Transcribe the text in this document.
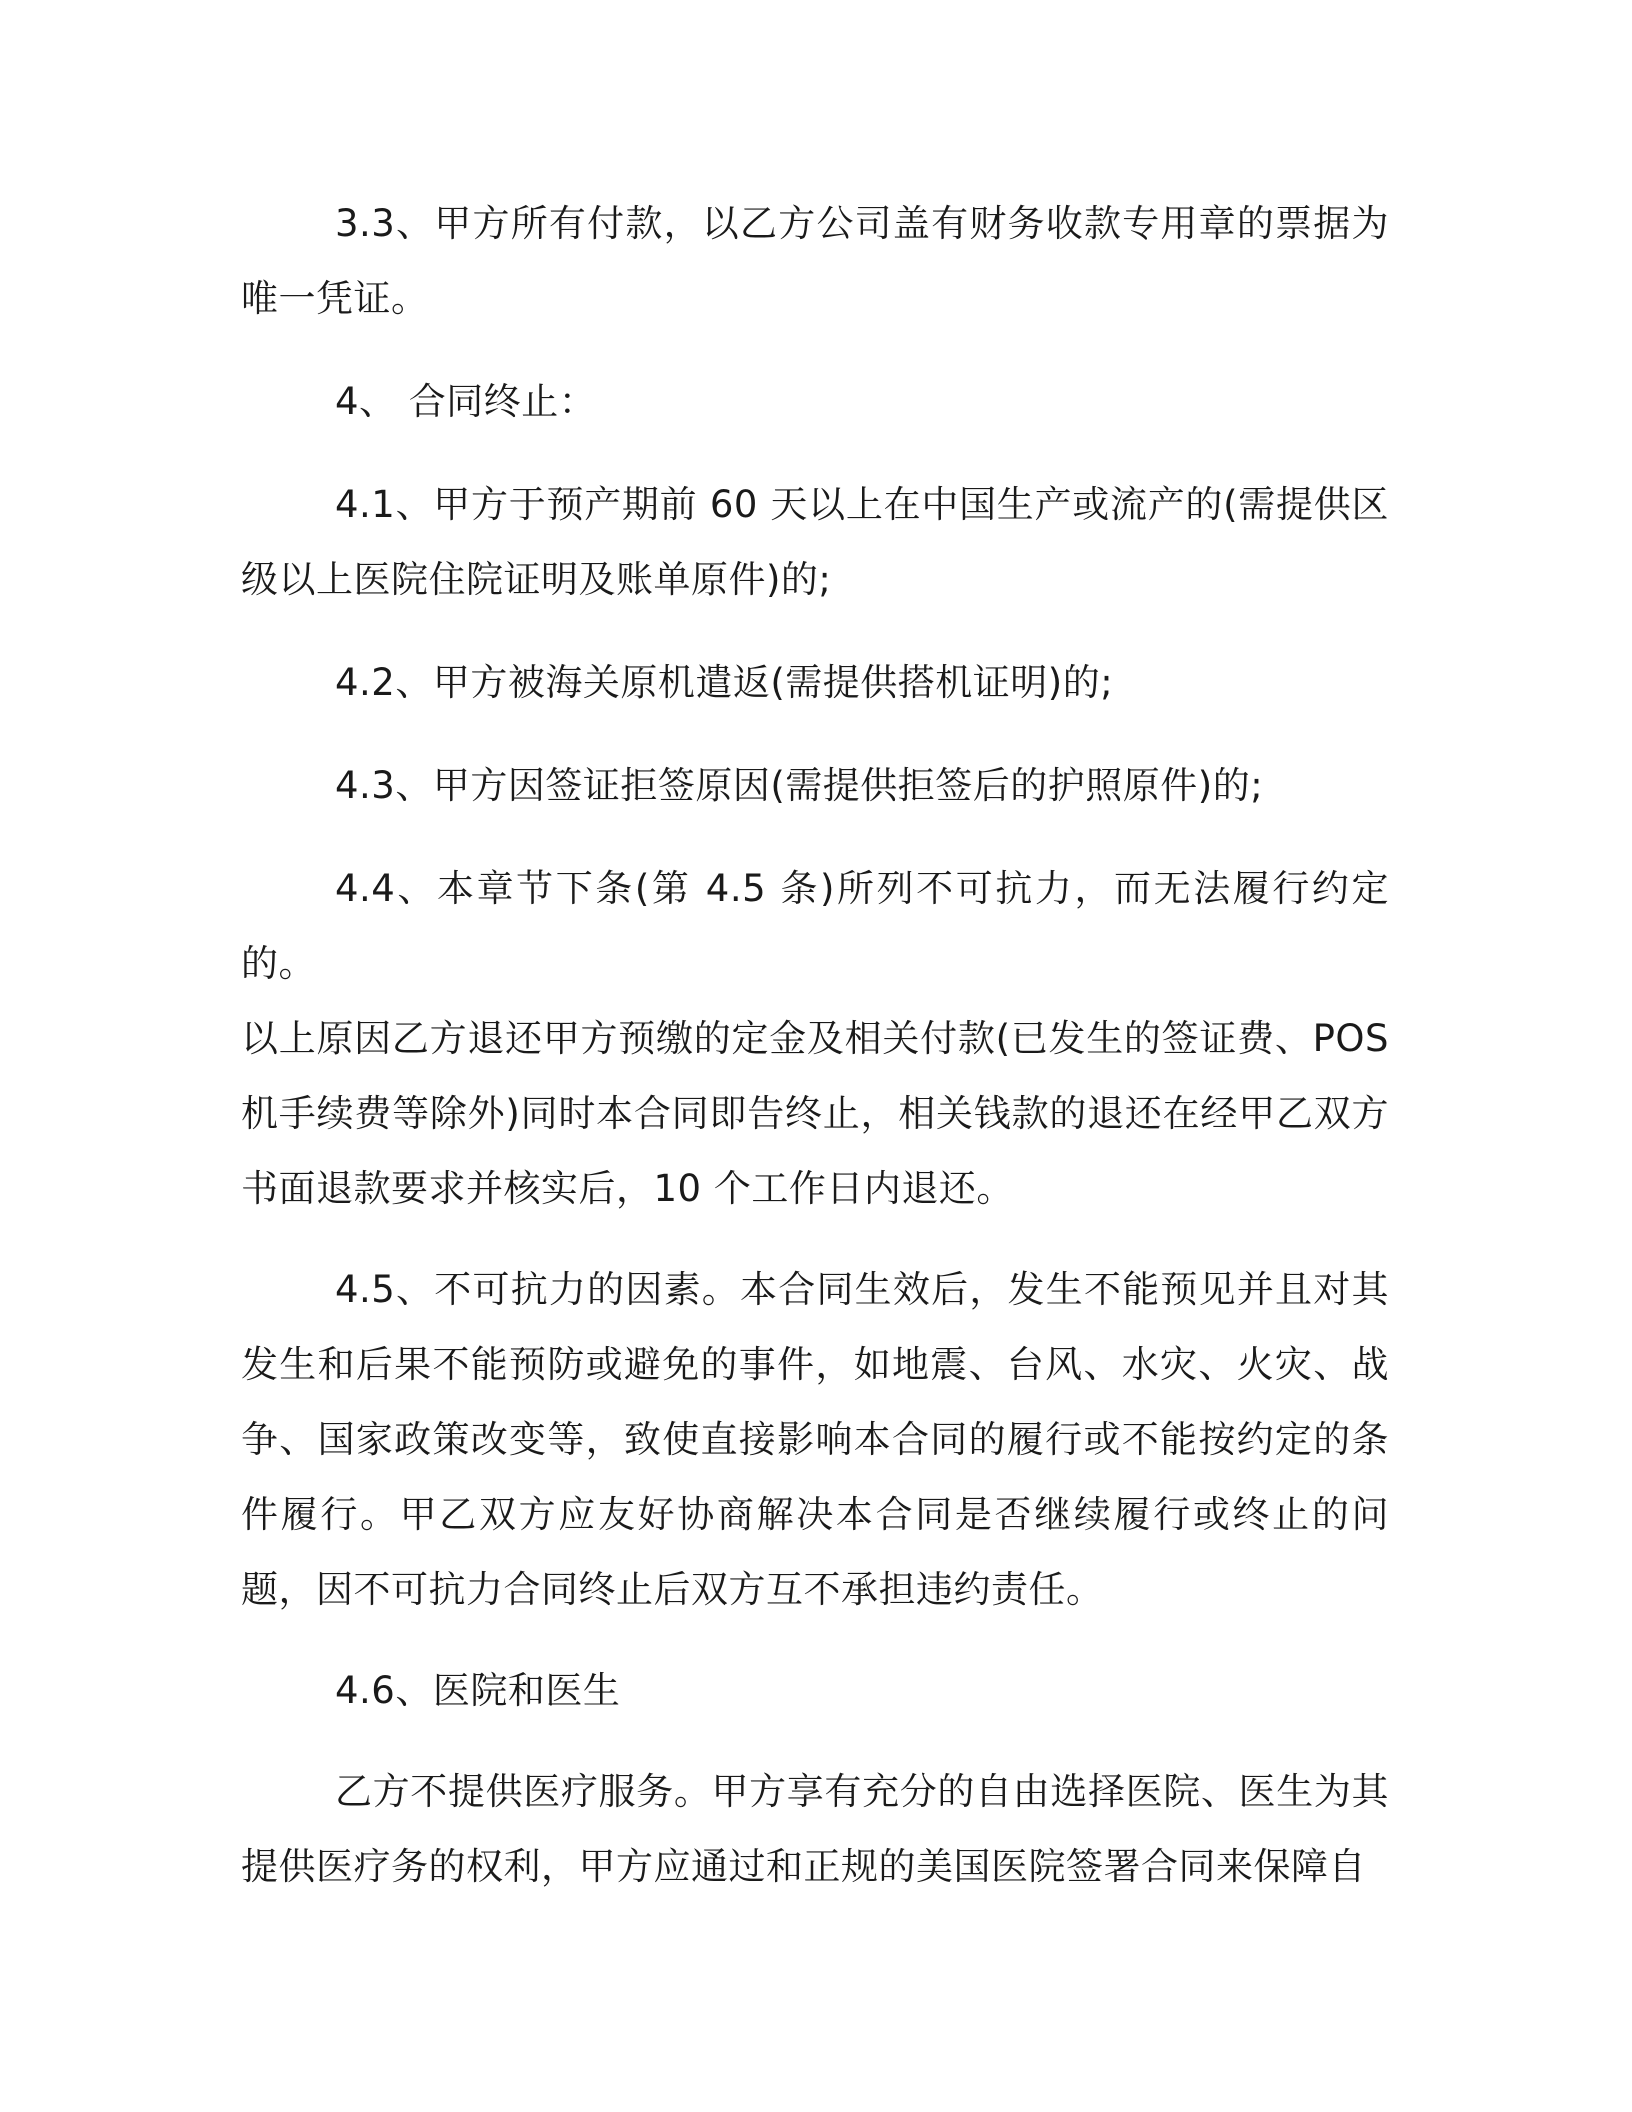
3.3、甲方所有付款，以乙方公司盖有财务收款专用章的票据为唯一凭证。

4、 合同终止：

4.1、甲方于预产期前 60 天以上在中国生产或流产的(需提供区级以上医院住院证明及账单原件)的;

4.2、甲方被海关原机遣返(需提供搭机证明)的;

4.3、甲方因签证拒签原因(需提供拒签后的护照原件)的;

4.4、本章节下条(第 4.5 条)所列不可抗力，而无法履行约定的。

以上原因乙方退还甲方预缴的定金及相关付款(已发生的签证费、POS 机手续费等除外)同时本合同即告终止，相关钱款的退还在经甲乙双方书面退款要求并核实后，10 个工作日内退还。

4.5、不可抗力的因素。本合同生效后，发生不能预见并且对其发生和后果不能预防或避免的事件，如地震、台风、水灾、火灾、战争、国家政策改变等，致使直接影响本合同的履行或不能按约定的条件履行。甲乙双方应友好协商解决本合同是否继续履行或终止的问题，因不可抗力合同终止后双方互不承担违约责任。

4.6、医院和医生

乙方不提供医疗服务。甲方享有充分的自由选择医院、医生为其提供医疗务的权利，甲方应通过和正规的美国医院签署合同来保障自
